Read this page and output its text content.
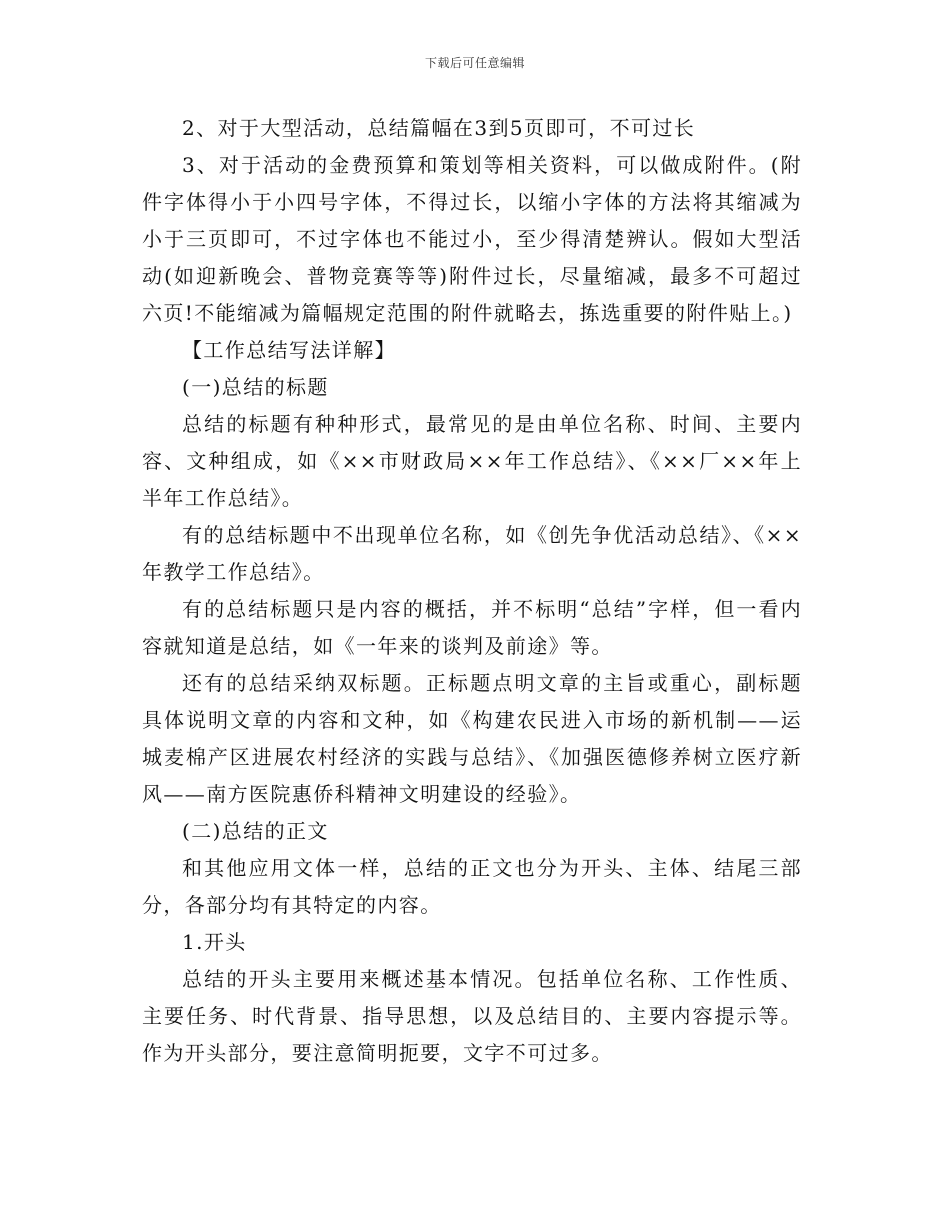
下载后可任意编辑

2、对于大型活动，总结篇幅在3到5页即可，不可过长

3、对于活动的金费预算和策划等相关资料，可以做成附件。(附件字体得小于小四号字体，不得过长，以缩小字体的方法将其缩减为小于三页即可，不过字体也不能过小，至少得清楚辨认。假如大型活动(如迎新晚会、普物竞赛等等)附件过长，尽量缩减，最多不可超过六页!不能缩减为篇幅规定范围的附件就略去，拣选重要的附件贴上。)

【工作总结写法详解】

(一)总结的标题

总结的标题有种种形式，最常见的是由单位名称、时间、主要内容、文种组成，如《××市财政局××年工作总结》、《××厂××年上半年工作总结》。

有的总结标题中不出现单位名称，如《创先争优活动总结》、《××年教学工作总结》。

有的总结标题只是内容的概括，并不标明“总结”字样，但一看内容就知道是总结，如《一年来的谈判及前途》等。

还有的总结采纳双标题。正标题点明文章的主旨或重心，副标题具体说明文章的内容和文种，如《构建农民进入市场的新机制——运城麦棉产区进展农村经济的实践与总结》、《加强医德修养树立医疗新风——南方医院惠侨科精神文明建设的经验》。

(二)总结的正文

和其他应用文体一样，总结的正文也分为开头、主体、结尾三部分，各部分均有其特定的内容。

1.开头

总结的开头主要用来概述基本情况。包括单位名称、工作性质、主要任务、时代背景、指导思想，以及总结目的、主要内容提示等。作为开头部分，要注意简明扼要，文字不可过多。
